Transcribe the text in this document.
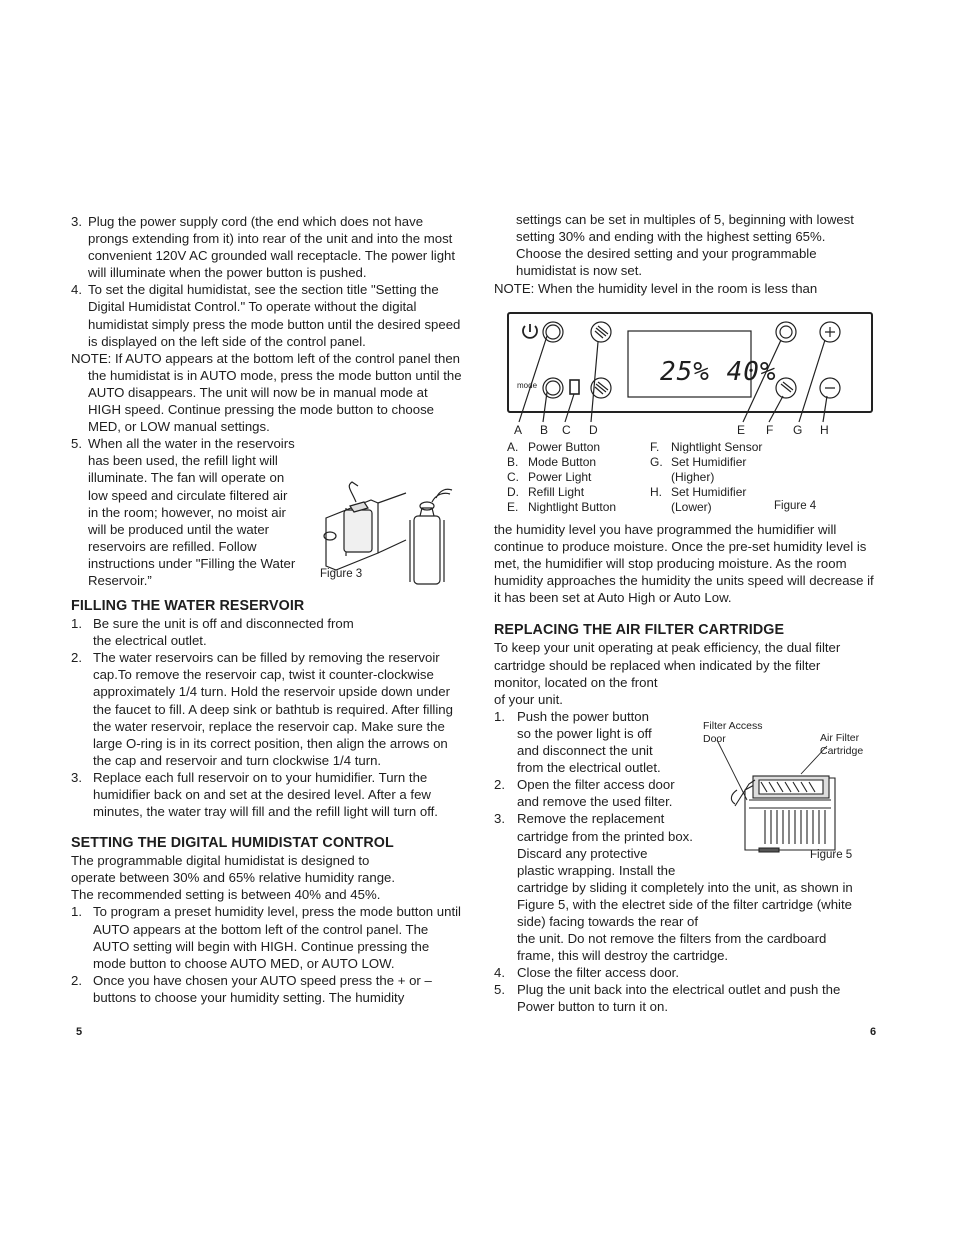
3. Plug the power supply cord (the end which does not have prongs extending from it) into rear of the unit and into the most convenient 120V AC grounded wall receptacle. The power light will illuminate when the power button is pushed.
4. To set the digital humidistat, see the section title "Setting the Digital Humidistat Control." To operate without the digital humidistat simply press the mode button until the desired speed is displayed on the left side of the control panel.

NOTE: If AUTO appears at the bottom left of the control panel then the humidistat is in AUTO mode, press the mode button until the AUTO disappears. The unit will now be in manual mode at HIGH speed. Continue pressing the mode button to choose MED, or LOW manual settings.

5. When all the water in the reservoirs
has been used, the refill light will
illuminate. The fan will operate on
low speed and circulate filtered air
in the room; however, no moist air
will be produced until the water
reservoirs are refilled. Follow
instructions under "Filling the Water
Reservoir.”
FILLING THE WATER RESERVOIR
1. Be sure the unit is off and disconnected from the electrical outlet.
2. The water reservoirs can be filled by removing the reservoir cap.To remove the reservoir cap, twist it counter-clockwise approximately 1/4 turn. Hold the reservoir upside down under the faucet to fill. A deep sink or bathtub is required. After filling the water reservoir, replace the reservoir cap. Make sure the large O-ring is in its correct position, then align the arrows on the cap and reservoir and turn clockwise 1/4 turn.
3. Replace each full reservoir on to your humidifier. Turn the humidifier back on and set at the desired level. After a few minutes, the water tray will fill and the refill light will turn off.
SETTING THE DIGITAL HUMIDISTAT CONTROL

The programmable digital humidistat is designed to operate between 30% and 65% relative humidity range. The recommended setting is between 40% and 45%.

1. To program a preset humidity level, press the mode button until AUTO appears at the bottom left of the control panel. The AUTO setting will begin with HIGH. Continue pressing the mode button to choose AUTO MED, or AUTO LOW.
2. Once you have chosen your AUTO speed press the + or – buttons to choose your humidity setting. The humidity
Figure 3
5

settings can be set in multiples of 5, beginning with lowest setting 30% and ending with the highest setting 65%. Choose the desired setting and your programmable humidistat is now set.

NOTE: When the humidity level in the room is less than

25% 40%
mode
A B C D	E F G H
A. Power Button	F. Nightlight Sensor
B. Mode Button	G. Set Humidifier
C. Power Light	(Higher)
D. Refill Light	H. Set Humidifier
E. Nightlight Button	(Lower)	Figure 4

the humidity level you have programmed the humidifier will continue to produce moisture. Once the pre-set humidity level is met, the humidifier will stop producing moisture. As the room humidity approaches the humidity the units speed will decrease if it has been set at Auto High or Auto Low.

REPLACING THE AIR FILTER CARTRIDGE

To keep your unit operating at peak efficiency, the dual filter
cartridge should be replaced when indicated by the filter
monitor, located on the front
of your unit.

1. Push the power button
so the power light is off
and disconnect the unit
from the electrical outlet.
2. Open the filter access door
and remove the used filter.
3. Remove the replacement
cartridge from the printed box.
Discard any protective
plastic wrapping. Install the
cartridge by sliding it completely into the unit, as shown in
Figure 5, with the electret side of the filter cartridge (white
side) facing towards the rear of
the unit. Do not remove the filters from the cardboard
frame, this will destroy the cartridge.
4. Close the filter access door.
5. Plug the unit back into the electrical outlet and push the
Power button to turn it on.
Filter Access
Door	Air Filter
Cartridge
Figure 5
6
